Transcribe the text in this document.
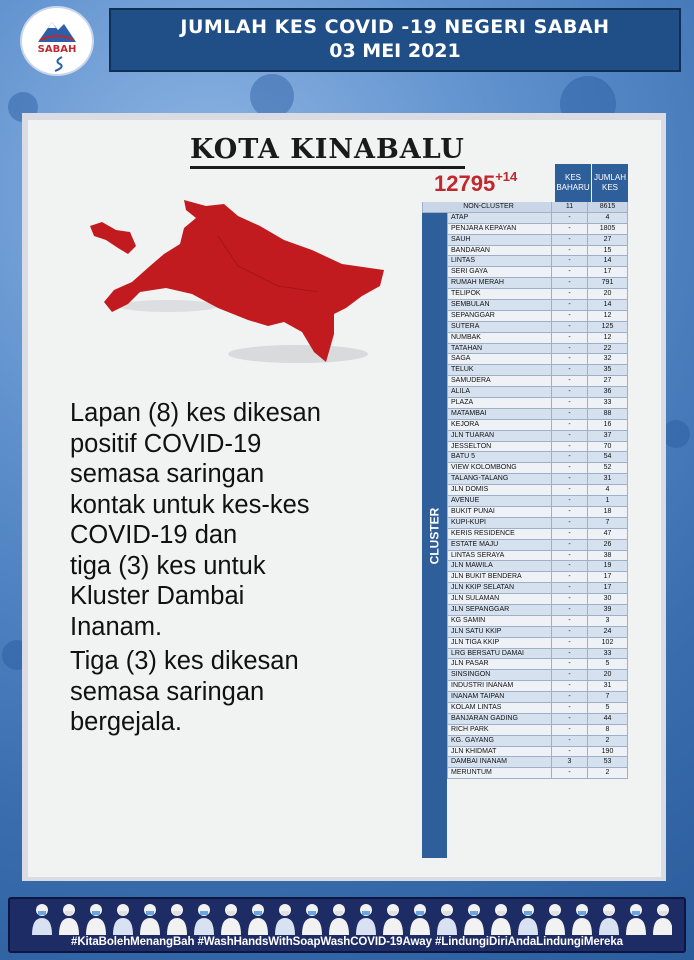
SABAH
JUMLAH KES COVID -19 NEGERI SABAH
03 MEI 2021
KOTA KINABALU
$12795^{+14}$

Lapan (8) kes dikesan

positif COVID-19

semasa saringan

kontak untuk kes-kes

COVID-19 dan

tiga (3) kes untuk

Kluster Dambai

Inanam.

Tiga (3) kes dikesan

semasa saringan

bergejala.

KES
BAHARU
JUMLAH
KES
NON-CLUSTER	11	8615
ATAP	-	4
PENJARA KEPAYAN	-	1805
SAUH	-	27
BANDARAN	-	15
LINTAS	-	14
SERI GAYA	-	17
RUMAH MERAH	-	791
TELIPOK	-	20
SEMBULAN	-	14
SEPANGGAR	-	12
SUTERA	-	125
NUMBAK	-	12
TATAHAN	-	22
SAGA	-	32
TELUK	-	35
SAMUDERA	-	27
ALILA	-	36
PLAZA	-	33
MATAMBAI	-	88
KEJORA	-	16
JLN TUARAN	-	37
JESSELTON	-	70
BATU 5	-	54
VIEW KOLOMBONG	-	52
TALANG-TALANG	-	31
JLN DOMIS	-	4
AVENUE	-	1
BUKIT PUNAI	-	18
KUPI-KUPI	-	7
KERIS RESIDENCE	-	47
ESTATE MAJU	-	26
LINTAS SERAYA	-	38
JLN MAWILA	-	19
JLN BUKIT BENDERA	-	17
JLN KKIP SELATAN	-	17
JLN SULAMAN	-	30
JLN SEPANGGAR	-	39
KG SAMIN	-	3
JLN SATU KKIP	-	24
JLN TIGA KKIP	-	102
LRG BERSATU DAMAI	-	33
JLN PASAR	-	5
SINSINGON	-	20
INDUSTRI INANAM	-	31
INANAM TAIPAN	-	7
KOLAM LINTAS	-	5
BANJARAN GADING	-	44
RICH PARK	-	8
KG. GAYANG	-	2
JLN KHIDMAT	-	190
DAMBAI INANAM	3	53
MERUNTUM	-	2
CLUSTER
#KitaBolehMenangBah #WashHandsWithSoapWashCOVID-19Away #LindungiDiriAndaLindungiMereka
